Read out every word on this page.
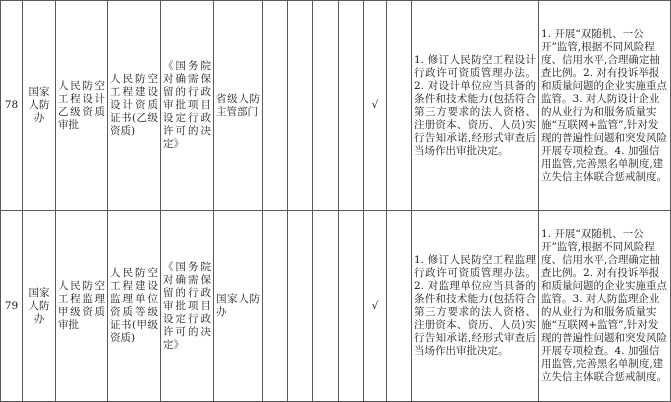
78	国家人防办	人民防空工程设计乙级资质审批	人民防空工程建设设计资质证书(乙级资质)	《国务院对确需保留的行政审批项目设定行政许可的决定》	省级人防主管部门					√		1. 修订人民防空工程设计行政许可资质管理办法。2. 对设计单位应当具备的条件和技术能力(包括符合第三方要求的法人资格、注册资本、资历、人员)实行告知承诺,经形式审查后当场作出审批决定。	1. 开展“双随机、一公开”监管,根据不同风险程度、信用水平,合理确定抽查比例。2. 对有投诉举报和质量问题的企业实施重点监管。3. 对人防设计企业的从业行为和服务质量实施“互联网+监管”,针对发现的普遍性问题和突发风险开展专项检查。4. 加强信用监管,完善黑名单制度,建立失信主体联合惩戒制度。
79	国家人防办	人民防空工程监理甲级资质审批	人民防空工程建设监理单位资质等级证书(甲级资质)	《国务院对确需保留的行政审批项目设定行政许可的决定》	国家人防办					√		1. 修订人民防空工程监理行政许可资质管理办法。2. 对监理单位应当具备的条件和技术能力(包括符合第三方要求的法人资格、注册资本、资历、人员)实行告知承诺,经形式审查后当场作出审批决定。	1. 开展“双随机、一公开”监管,根据不同风险程度、信用水平,合理确定抽查比例。2. 对有投诉举报和质量问题的企业实施重点监管。3. 对人防监理企业的从业行为和服务质量实施“互联网+监管”,针对发现的普遍性问题和突发风险开展专项检查。4. 加强信用监管,完善黑名单制度,建立失信主体联合惩戒制度。
